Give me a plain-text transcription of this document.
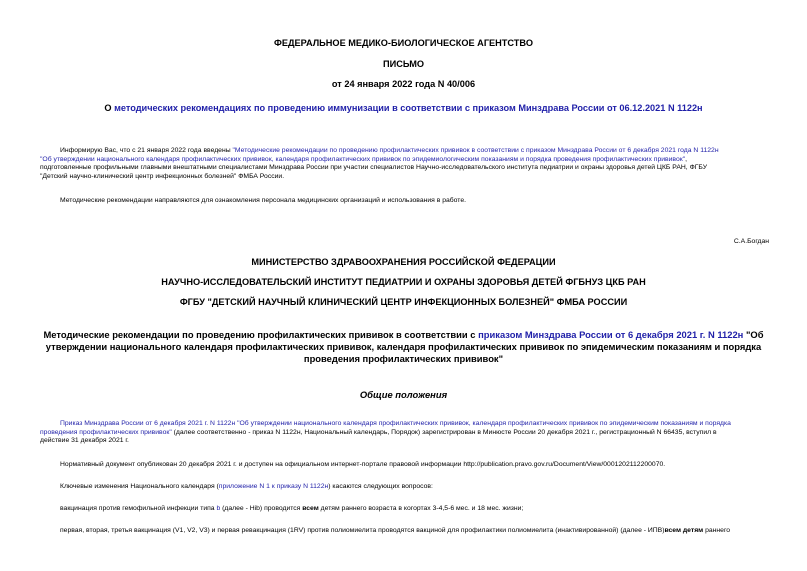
ФЕДЕРАЛЬНОЕ МЕДИКО-БИОЛОГИЧЕСКОЕ АГЕНТСТВО
ПИСЬМО
от 24 января 2022 года N 40/006
О методических рекомендациях по проведению иммунизации в соответствии с приказом Минздрава России от 06.12.2021 N 1122н
Информирую Вас, что с 21 января 2022 года введены "Методические рекомендации по проведению профилактических прививок в соответствии с приказом Минздрава России от 6 декабря 2021 года N 1122н
"Об утверждении национального календаря профилактических прививок, календаря профилактических прививок по эпидемиологическим показаниям и порядка проведения профилактических прививок",
подготовленные профильными главными внештатными специалистами Минздрава России при участии специалистов Научно-исследовательского института педиатрии и охраны здоровья детей ЦКБ РАН, ФГБУ
"Детский научно-клинический центр инфекционных болезней" ФМБА России.
Методические рекомендации направляются для ознакомления персонала медицинских организаций и использования в работе.
С.А.Богдан
МИНИСТЕРСТВО ЗДРАВООХРАНЕНИЯ РОССИЙСКОЙ ФЕДЕРАЦИИ
НАУЧНО-ИССЛЕДОВАТЕЛЬСКИЙ ИНСТИТУТ ПЕДИАТРИИ И ОХРАНЫ ЗДОРОВЬЯ ДЕТЕЙ ФГБНУЗ ЦКБ РАН
ФГБУ "ДЕТСКИЙ НАУЧНЫЙ КЛИНИЧЕСКИЙ ЦЕНТР ИНФЕКЦИОННЫХ БОЛЕЗНЕЙ" ФМБА РОССИИ
Методические рекомендации по проведению профилактических прививок в соответствии с приказом Минздрава России от 6 декабря 2021 г. N 1122н "Об
утверждении национального календаря профилактических прививок, календаря профилактических прививок по эпидемическим показаниям и порядка
проведения профилактических прививок"
Общие положения
Приказ Минздрава России от 6 декабря 2021 г. N 1122н "Об утверждении национального календаря профилактических прививок, календаря профилактических прививок по эпидемическим показаниям и порядка
проведения профилактических прививок" (далее соответственно - приказ N 1122н, Национальный календарь, Порядок) зарегистрирован в Минюсте России 20 декабря 2021 г., регистрационный N 66435, вступил в
действие 31 декабря 2021 г.
Нормативный документ опубликован 20 декабря 2021 г. и доступен на официальном интернет-портале правовой информации http://publication.pravo.gov.ru/Document/View/0001202112200070.
Ключевые изменения Национального календаря (приложение N 1 к приказу N 1122н) касаются следующих вопросов:
вакцинация против гемофильной инфекции типа b (далее - Hib) проводится всем детям раннего возраста в когортах 3-4,5-6 мес. и 18 мес. жизни;
первая, вторая, третья вакцинация (V1, V2, V3) и первая ревакцинация (1RV) против полиомиелита проводятся вакциной для профилактики полиомиелита (инактивированной) (далее - ИПВ)всем детям раннего
